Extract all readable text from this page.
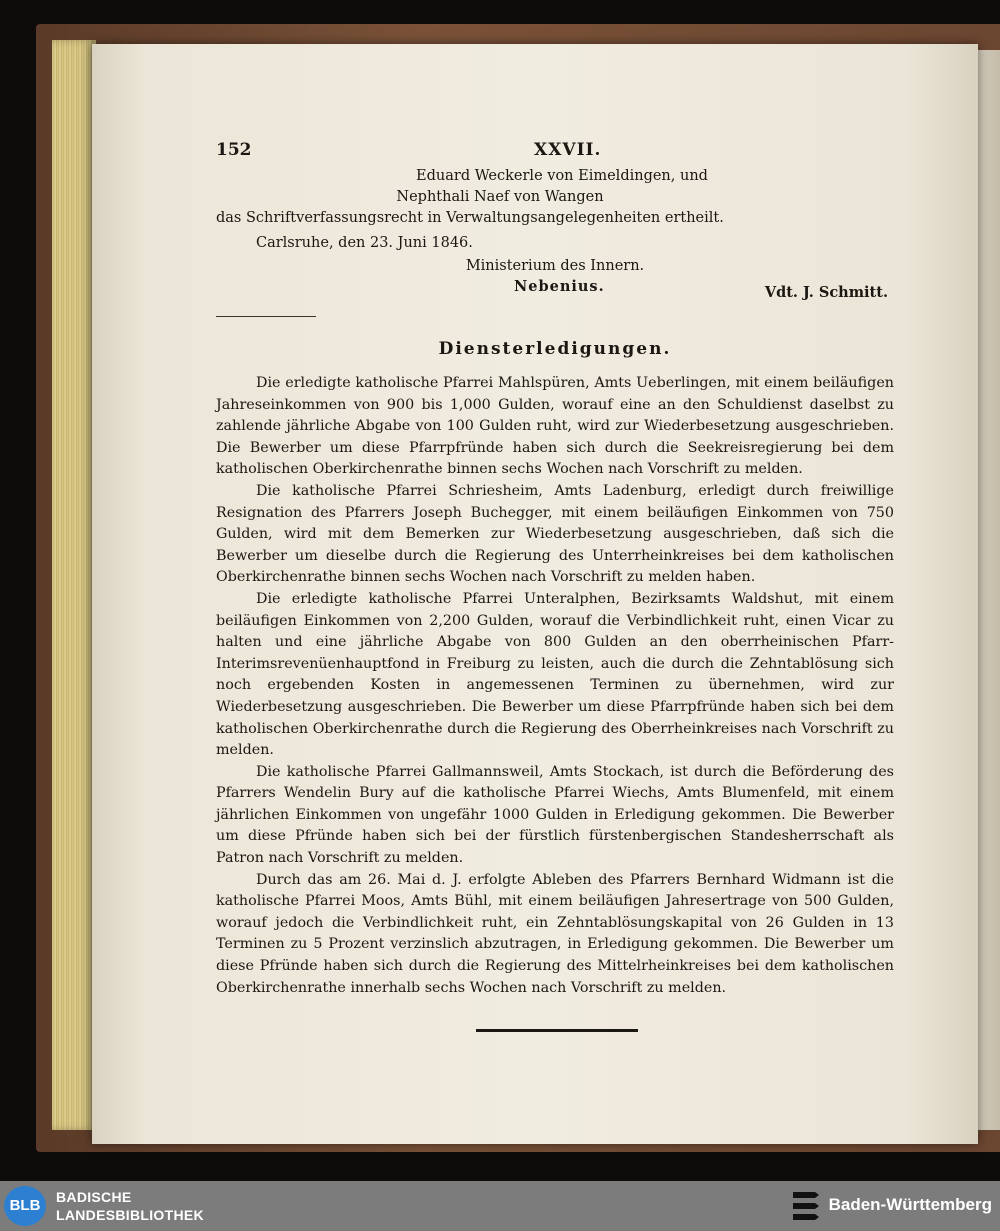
152	XXVII.
Eduard Weckerle von Eimeldingen, und
Nephthali Naef von Wangen
das Schriftverfassungsrecht in Verwaltungsangelegenheiten ertheilt.
Carlsruhe, den 23. Juni 1846.
Ministerium des Innern.
Nebenius.	Vdt. J. Schmitt.
Diensterledigungen.

Die erledigte katholische Pfarrei Mahlspüren, Amts Ueberlingen, mit einem beiläufigen Jahreseinkommen von 900 bis 1,000 Gulden, worauf eine an den Schuldienst daselbst zu zahlende jährliche Abgabe von 100 Gulden ruht, wird zur Wiederbesetzung ausgeschrieben. Die Bewerber um diese Pfarrpfründe haben sich durch die Seekreisregierung bei dem katholischen Oberkirchenrathe binnen sechs Wochen nach Vorschrift zu melden.

Die katholische Pfarrei Schriesheim, Amts Ladenburg, erledigt durch freiwillige Resignation des Pfarrers Joseph Buchegger, mit einem beiläufigen Einkommen von 750 Gulden, wird mit dem Bemerken zur Wiederbesetzung ausgeschrieben, daß sich die Bewerber um dieselbe durch die Regierung des Unterrheinkreises bei dem katholischen Oberkirchenrathe binnen sechs Wochen nach Vorschrift zu melden haben.

Die erledigte katholische Pfarrei Unteralphen, Bezirksamts Waldshut, mit einem beiläufigen Einkommen von 2,200 Gulden, worauf die Verbindlichkeit ruht, einen Vicar zu halten und eine jährliche Abgabe von 800 Gulden an den oberrheinischen Pfarr-Interimsrevenüenhauptfond in Freiburg zu leisten, auch die durch die Zehntablösung sich noch ergebenden Kosten in angemessenen Terminen zu übernehmen, wird zur Wiederbesetzung ausgeschrieben. Die Bewerber um diese Pfarrpfründe haben sich bei dem katholischen Oberkirchenrathe durch die Regierung des Oberrheinkreises nach Vorschrift zu melden.

Die katholische Pfarrei Gallmannsweil, Amts Stockach, ist durch die Beförderung des Pfarrers Wendelin Bury auf die katholische Pfarrei Wiechs, Amts Blumenfeld, mit einem jährlichen Einkommen von ungefähr 1000 Gulden in Erledigung gekommen. Die Bewerber um diese Pfründe haben sich bei der fürstlich fürstenbergischen Standesherrschaft als Patron nach Vorschrift zu melden.

Durch das am 26. Mai d. J. erfolgte Ableben des Pfarrers Bernhard Widmann ist die katholische Pfarrei Moos, Amts Bühl, mit einem beiläufigen Jahresertrage von 500 Gulden, worauf jedoch die Verbindlichkeit ruht, ein Zehntablösungskapital von 26 Gulden in 13 Terminen zu 5 Prozent verzinslich abzutragen, in Erledigung gekommen. Die Bewerber um diese Pfründe haben sich durch die Regierung des Mittelrheinkreises bei dem katholischen Oberkirchenrathe innerhalb sechs Wochen nach Vorschrift zu melden.

BLB	BADISCHE
LANDESBIBLIOTHEK
Baden-Württemberg
